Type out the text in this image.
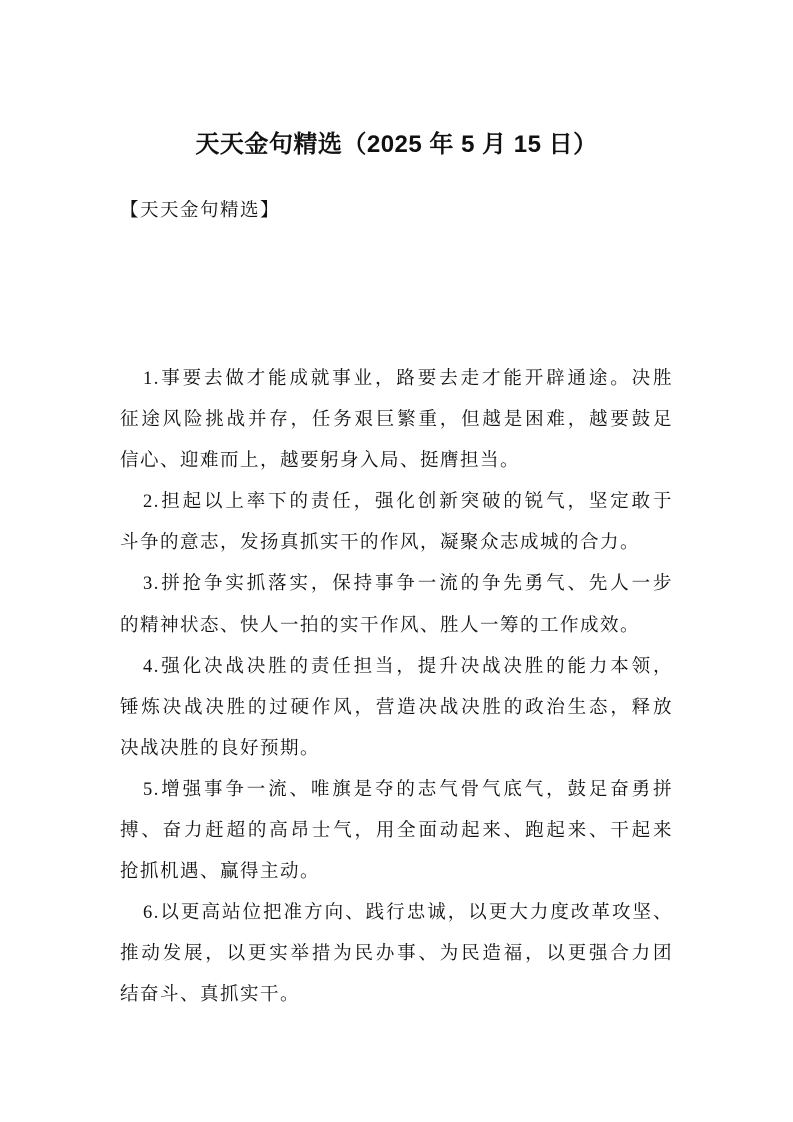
天天金句精选（2025 年 5 月 15 日）
【天天金句精选】
1.事要去做才能成就事业，路要去走才能开辟通途。决胜
征途风险挑战并存，任务艰巨繁重，但越是困难，越要鼓足
信心、迎难而上，越要躬身入局、挺膺担当。
2.担起以上率下的责任，强化创新突破的锐气，坚定敢于
斗争的意志，发扬真抓实干的作风，凝聚众志成城的合力。
3.拼抢争实抓落实，保持事争一流的争先勇气、先人一步
的精神状态、快人一拍的实干作风、胜人一筹的工作成效。
4.强化决战决胜的责任担当，提升决战决胜的能力本领，
锤炼决战决胜的过硬作风，营造决战决胜的政治生态，释放
决战决胜的良好预期。
5.增强事争一流、唯旗是夺的志气骨气底气，鼓足奋勇拼
搏、奋力赶超的高昂士气，用全面动起来、跑起来、干起来
抢抓机遇、赢得主动。
6.以更高站位把准方向、践行忠诚，以更大力度改革攻坚、
推动发展，以更实举措为民办事、为民造福，以更强合力团
结奋斗、真抓实干。
